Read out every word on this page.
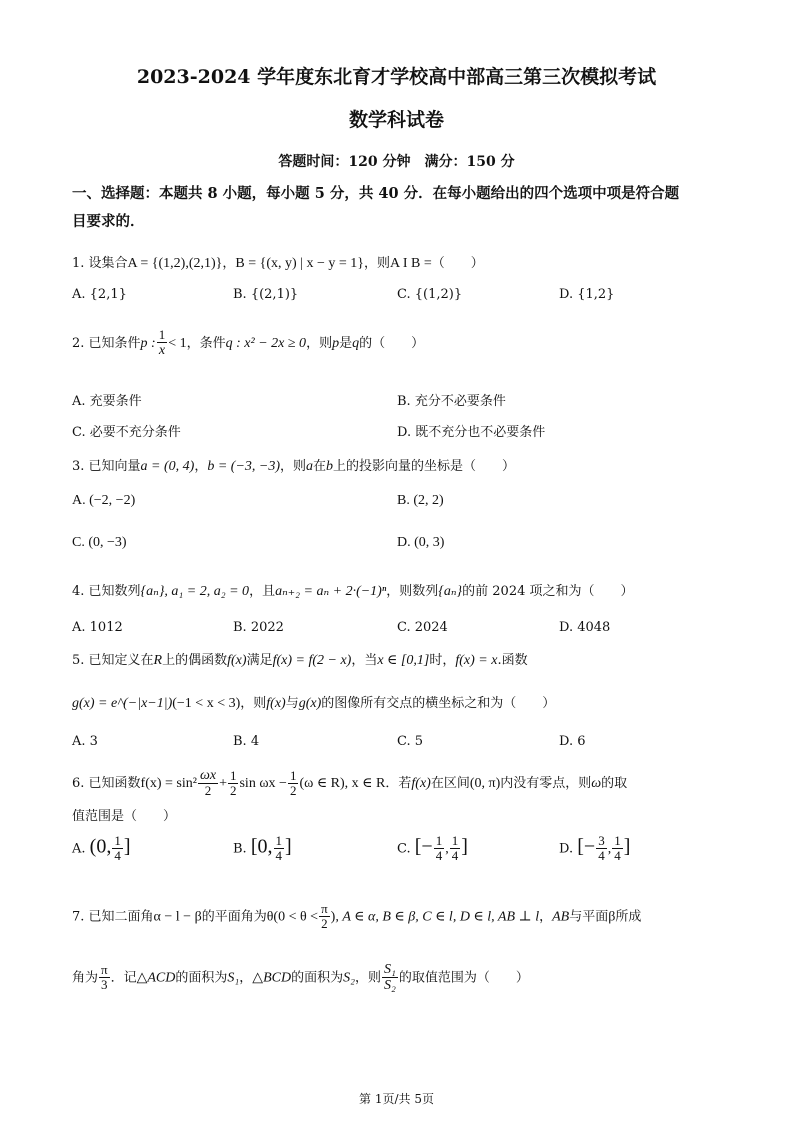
2023-2024 学年度东北育才学校高中部高三第三次模拟考试
数学科试卷
答题时间：120 分钟　满分：150 分
一、选择题：本题共 8 小题，每小题 5 分，共 40 分．在每小题给出的四个选项中项是符合题
目要求的．
1. 设集合A = {(1,2),(2,1)}，B = {(x, y) | x − y = 1}，则A I B =（　　）
A. {2,1}	B. {(2,1)}	C. {(1,2)}	D. {1,2}
2. 已知条件p : $\frac{1}{x} < 1$，条件q : x² − 2x ≥ 0，则p是q的（　　）
A. 充要条件	B. 充分不必要条件
C. 必要不充分条件	D. 既不充分也不必要条件
3. 已知向量a = (0, 4)，b = (−3, −3)，则a在b上的投影向量的坐标是（　　）
A. (−2, −2)	B. (2, 2)
C. (0, −3)	D. (0, 3)
4. 已知数列{aₙ}, a₁ = 2, a₂ = 0，且aₙ₊₂ = aₙ + 2·(−1)ⁿ，则数列{aₙ}的前 2024 项之和为（　　）
A. 1012	B. 2022	C. 2024	D. 4048
5. 已知定义在R上的偶函数f(x)满足f(x) = f(2 − x)，当x ∈ [0,1]时，f(x) = x.函数
g(x) = e^(−|x−1|)(−1 < x < 3)，则f(x)与g(x)的图像所有交点的横坐标之和为（　　）
A. 3	B. 4	C. 5	D. 6
6. 已知函数$f(x) = \sin^2 \frac{\omega x}{2} + \frac{1}{2}$ $\sin \omega x - \frac{1}{2} (\omega$ ∈ R), x ∈ R．若f(x)在区间(0, π)内没有零点，则ω的取
值范围是（　　）
A. (0, $\frac{1}{4}$ ]	B. [0, $\frac{1}{4}$ ]	C. [− $\frac{1}{4}$ , $\frac{1}{4}$ ]	D. [− $\frac{3}{4}$ , $\frac{1}{4}$ ]
7. 已知二面角α − l − β的平面角为$\theta(0 < \theta < \frac{\pi}{2}$ ), A ∈ α, B ∈ β, C ∈ l, D ∈ l, AB ⊥ l，AB与平面β所成
角为 $\frac{\pi}{3}$ ．记△ACD的面积为S₁，△BCD的面积为S₂，则 $\frac{\text{S₁}}{\text{S₂}}$ 的取值范围为（　　）
第 1页/共 5页
